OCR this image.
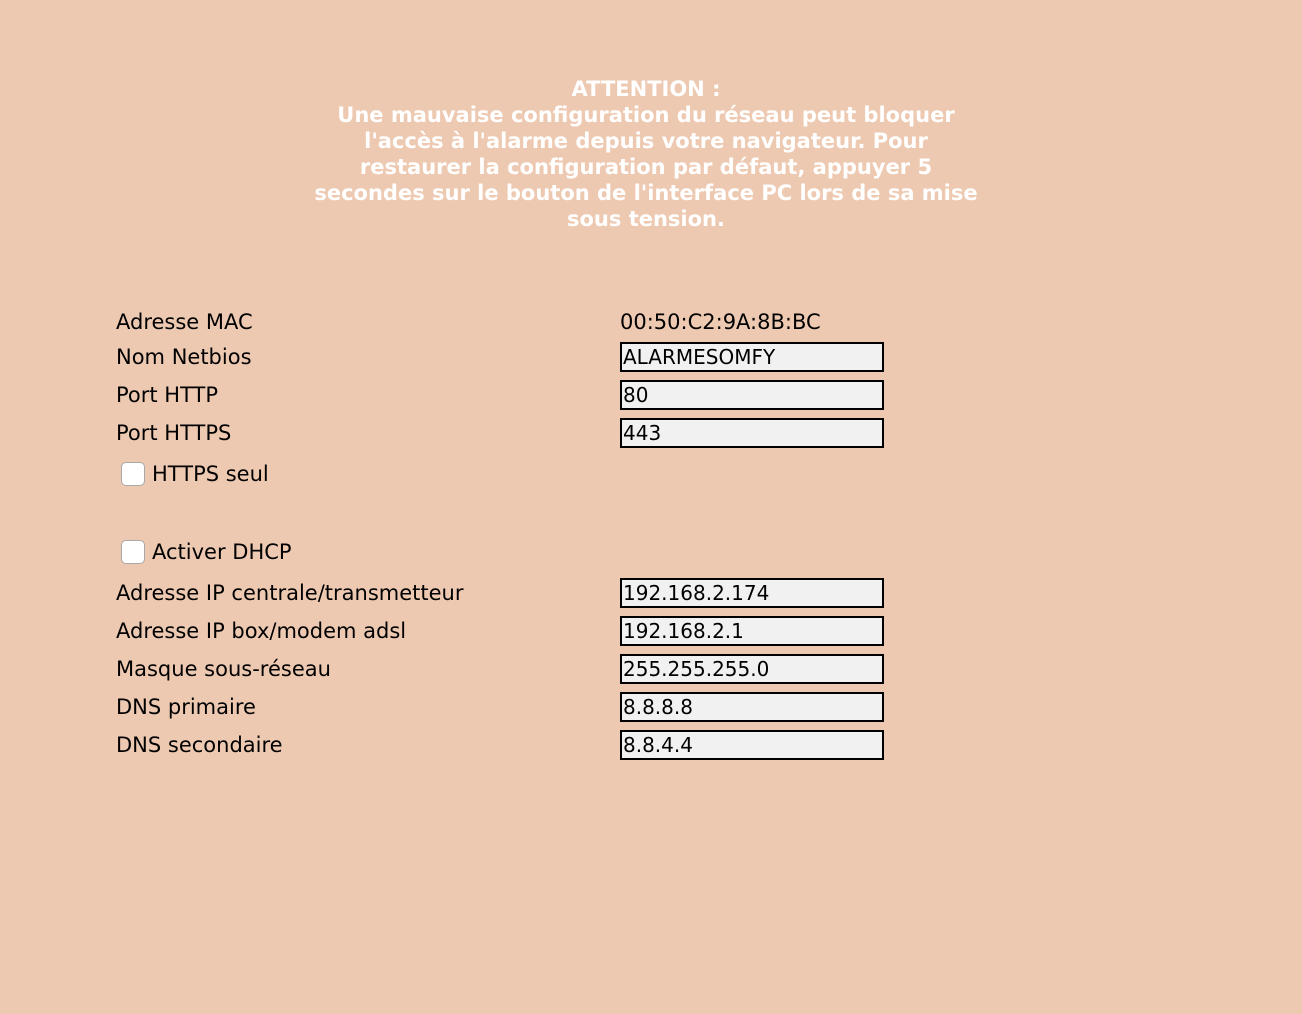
ATTENTION :
Une mauvaise configuration du réseau peut bloquer l'accès à l'alarme depuis votre navigateur. Pour restaurer la configuration par défaut, appuyer 5 secondes sur le bouton de l'interface PC lors de sa mise sous tension.
Adresse MAC	00:50:C2:9A:8B:BC
Nom Netbios
ALARMESOMFY
Port HTTP
80
Port HTTPS
443
HTTPS seul
Activer DHCP
Adresse IP centrale/transmetteur
192.168.2.174
Adresse IP box/modem adsl
192.168.2.1
Masque sous-réseau
255.255.255.0
DNS primaire
8.8.8.8
DNS secondaire
8.8.4.4
